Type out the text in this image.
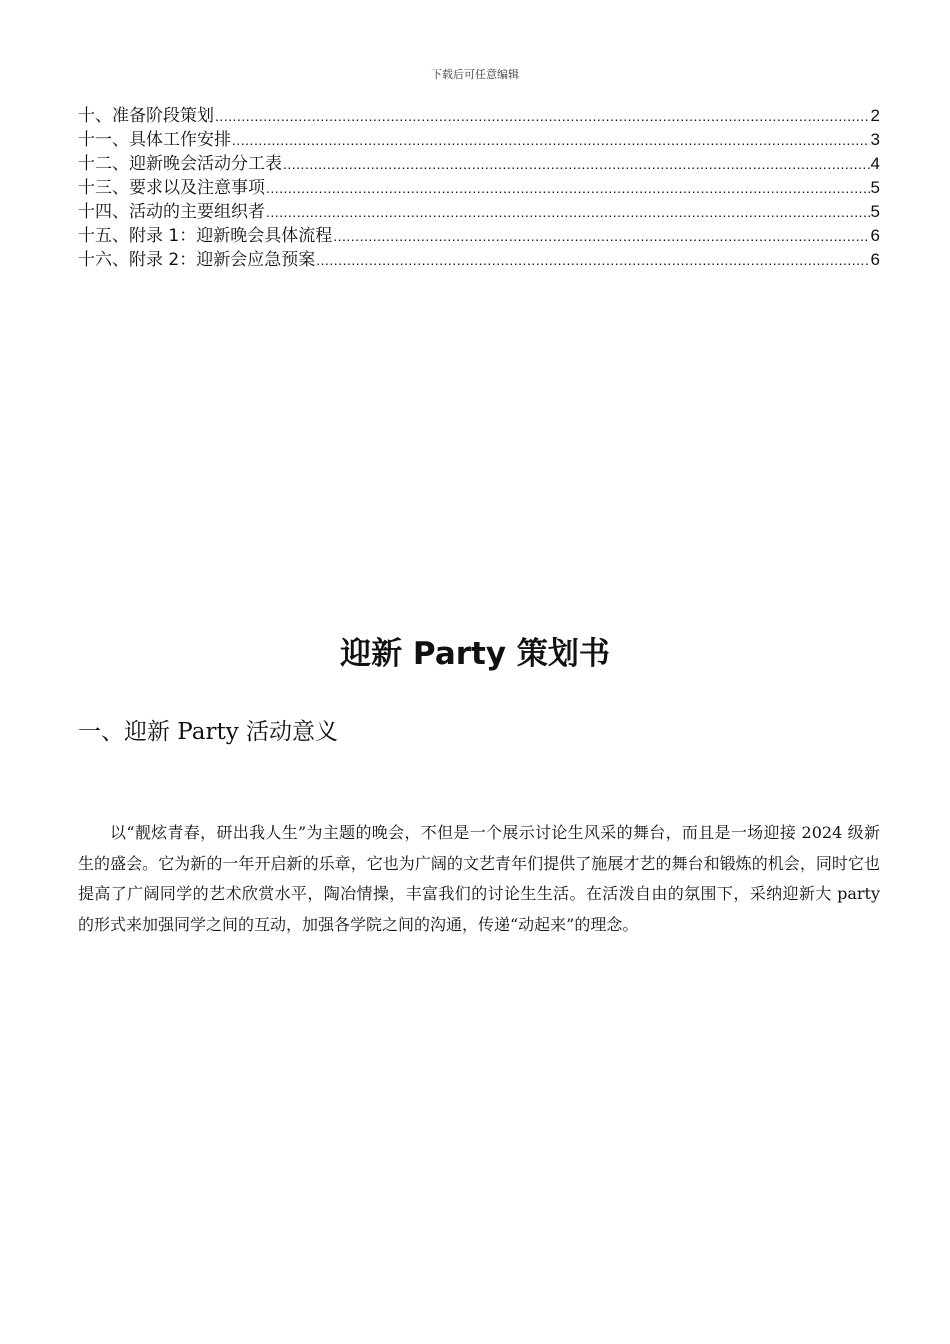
下载后可任意编辑
十、准备阶段策划 .....	2
十一、具体工作安排 .....	3
十二、迎新晚会活动分工表 .....	4
十三、要求以及注意事项 .....	5
十四、活动的主要组织者 .....	5
十五、附录 1：迎新晚会具体流程 .....	6
十六、附录 2：迎新会应急预案 .....	6
迎新 Party 策划书
一、迎新 Party 活动意义

以“靓炫青春，研出我人生”为主题的晚会，不但是一个展示讨论生风采的舞台，而且是一场迎接 2024 级新生的盛会。它为新的一年开启新的乐章，它也为广阔的文艺青年们提供了施展才艺的舞台和锻炼的机会，同时它也提高了广阔同学的艺术欣赏水平，陶冶情操，丰富我们的讨论生生活。在活泼自由的氛围下，采纳迎新大 party 的形式来加强同学之间的互动，加强各学院之间的沟通，传递“动起来”的理念。
